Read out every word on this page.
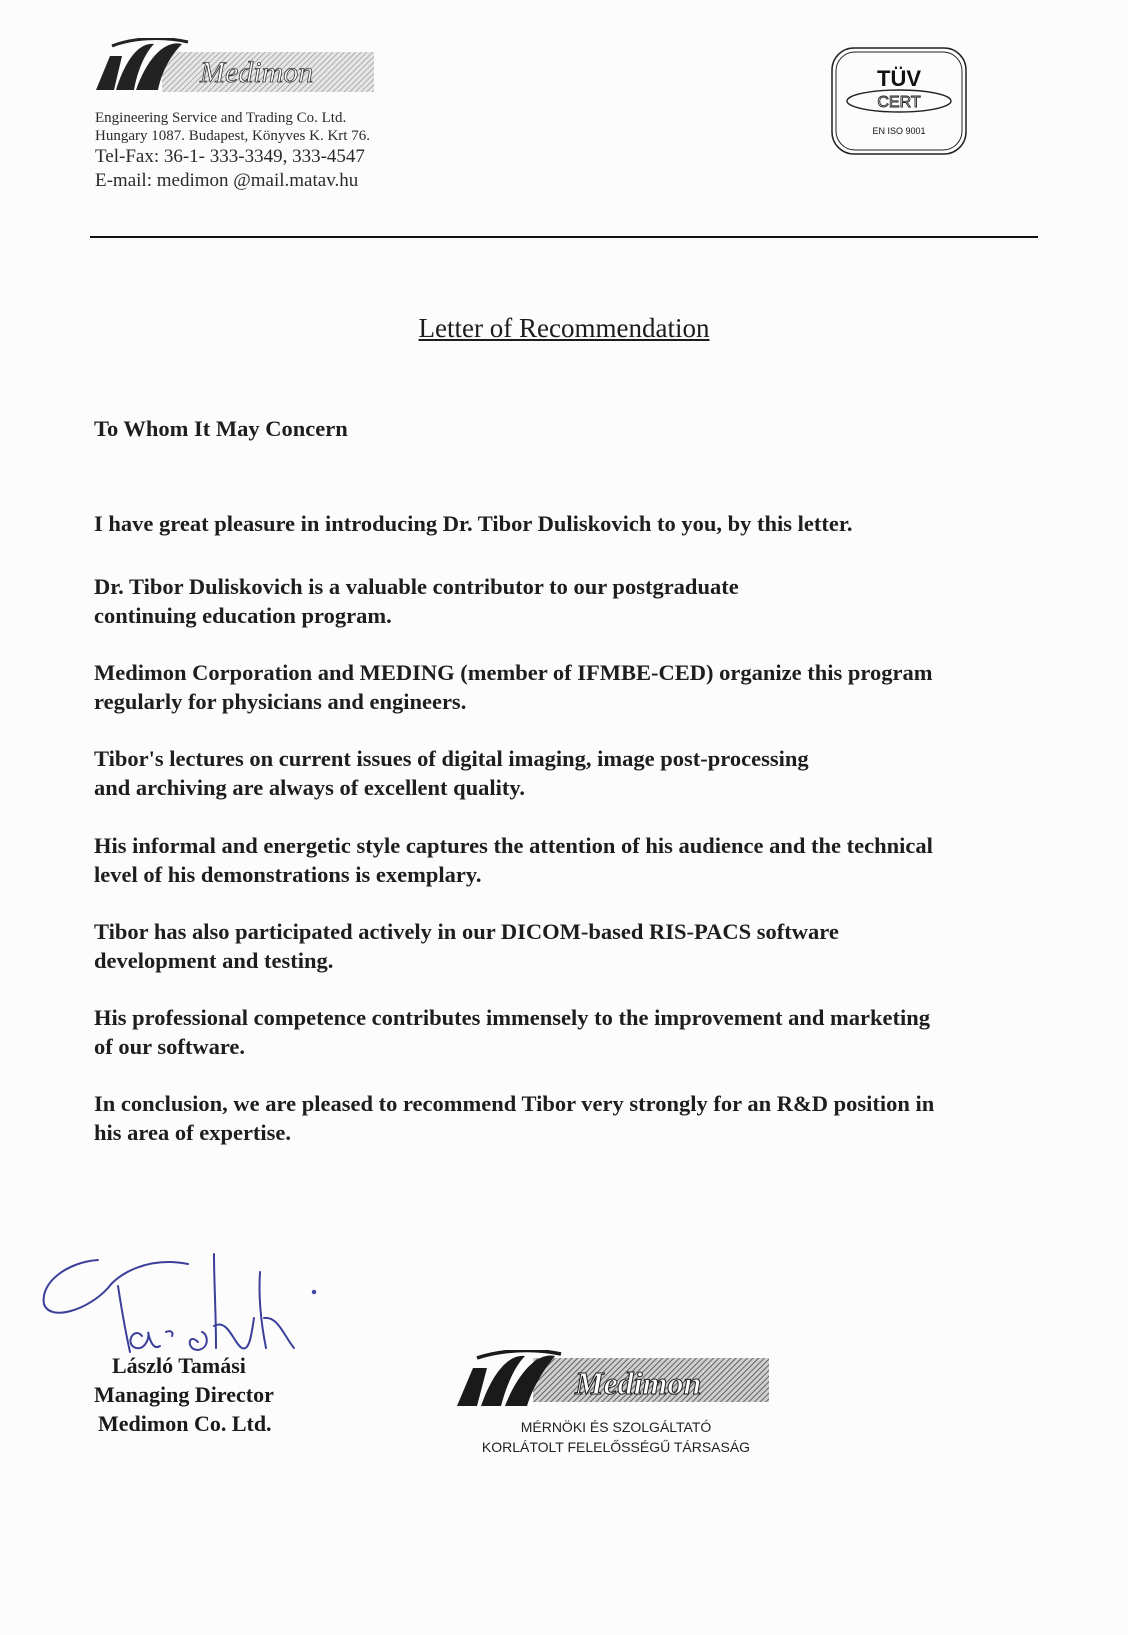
Medimon
Engineering Service and Trading Co. Ltd.
Hungary 1087. Budapest, Könyves K. Krt 76.
Tel-Fax: 36-1- 333-3349, 333-4547
E-mail: medimon @mail.matav.hu
TÜV
CERT
EN ISO 9001
Letter of Recommendation
To Whom It May Concern
I have great pleasure in introducing Dr. Tibor Duliskovich to you, by this letter.
Dr. Tibor Duliskovich is a valuable contributor to our postgraduate
continuing education program.
Medimon Corporation and MEDING (member of IFMBE-CED) organize this program
regularly for physicians and engineers.
Tibor's lectures on current issues of digital imaging, image post-processing
and archiving are always of excellent quality.
His informal and energetic style captures the attention of his audience and the technical
level of his demonstrations is exemplary.
Tibor has also participated actively in our DICOM-based RIS-PACS software
development and testing.
His professional competence contributes immensely to the improvement and marketing
of our software.
In conclusion, we are pleased to recommend Tibor very strongly for an R&D position in
his area of expertise.
László Tamási
Managing Director
Medimon Co. Ltd.
Medimon
MÉRNÖKI ÉS SZOLGÁLTATÓ
KORLÁTOLT FELELŐSSÉGŰ TÁRSASÁG
